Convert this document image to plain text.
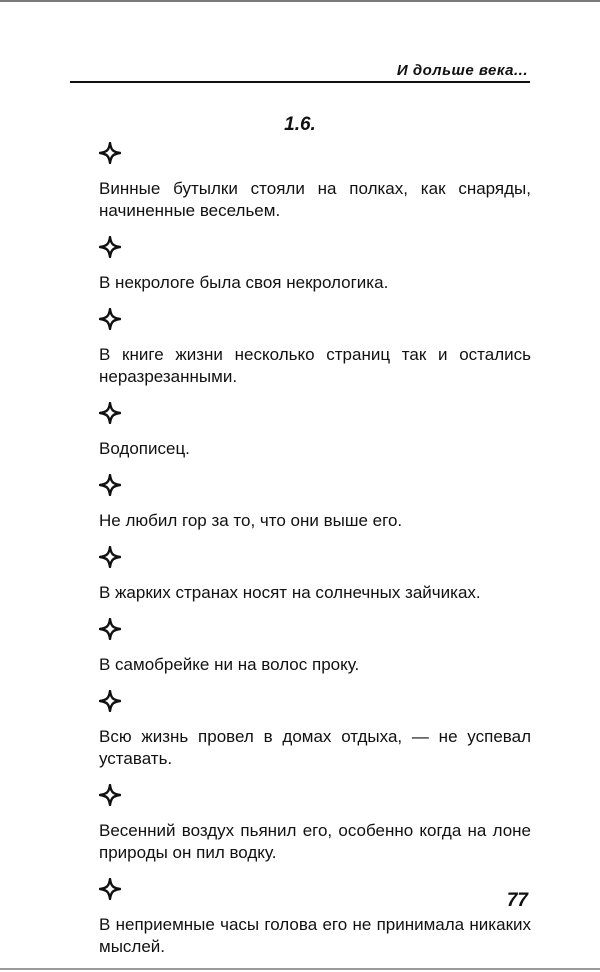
И дольше века...
1.6.

Винные бутылки стояли на полках, как снаряды, начиненные весельем.

В некрологе была своя некрологика.

В книге жизни несколько страниц так и остались неразрезанными.

Водописец.

Не любил гор за то, что они выше его.

В жарких странах носят на солнечных зайчиках.

В самобрейке ни на волос проку.

Всю жизнь провел в домах отдыха, — не успевал уставать.

Весенний воздух пьянил его, особенно когда на лоне природы он пил водку.

В неприемные часы голова его не принимала никаких мыслей.

77
